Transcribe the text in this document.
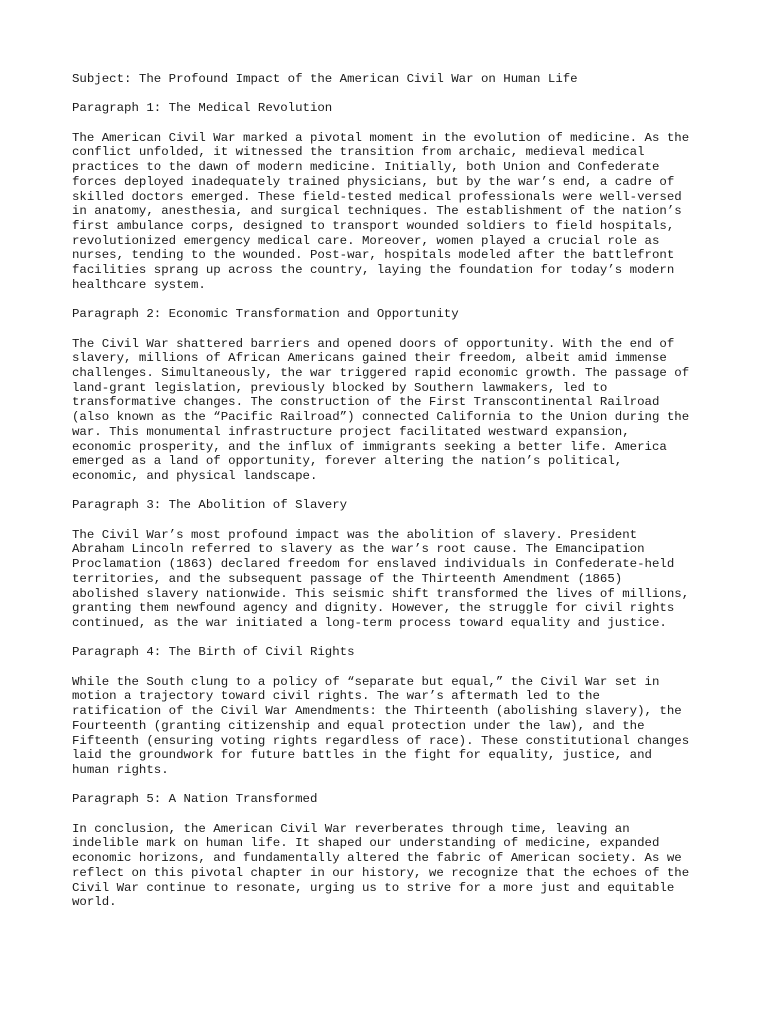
Subject: The Profound Impact of the American Civil War on Human Life

Paragraph 1: The Medical Revolution

The American Civil War marked a pivotal moment in the evolution of medicine. As the
conflict unfolded, it witnessed the transition from archaic, medieval medical
practices to the dawn of modern medicine. Initially, both Union and Confederate
forces deployed inadequately trained physicians, but by the war’s end, a cadre of
skilled doctors emerged. These field-tested medical professionals were well-versed
in anatomy, anesthesia, and surgical techniques. The establishment of the nation’s
first ambulance corps, designed to transport wounded soldiers to field hospitals,
revolutionized emergency medical care. Moreover, women played a crucial role as
nurses, tending to the wounded. Post-war, hospitals modeled after the battlefront
facilities sprang up across the country, laying the foundation for today’s modern
healthcare system.

Paragraph 2: Economic Transformation and Opportunity

The Civil War shattered barriers and opened doors of opportunity. With the end of
slavery, millions of African Americans gained their freedom, albeit amid immense
challenges. Simultaneously, the war triggered rapid economic growth. The passage of
land-grant legislation, previously blocked by Southern lawmakers, led to
transformative changes. The construction of the First Transcontinental Railroad
(also known as the “Pacific Railroad”) connected California to the Union during the
war. This monumental infrastructure project facilitated westward expansion,
economic prosperity, and the influx of immigrants seeking a better life. America
emerged as a land of opportunity, forever altering the nation’s political,
economic, and physical landscape.

Paragraph 3: The Abolition of Slavery

The Civil War’s most profound impact was the abolition of slavery. President
Abraham Lincoln referred to slavery as the war’s root cause. The Emancipation
Proclamation (1863) declared freedom for enslaved individuals in Confederate-held
territories, and the subsequent passage of the Thirteenth Amendment (1865)
abolished slavery nationwide. This seismic shift transformed the lives of millions,
granting them newfound agency and dignity. However, the struggle for civil rights
continued, as the war initiated a long-term process toward equality and justice.

Paragraph 4: The Birth of Civil Rights

While the South clung to a policy of “separate but equal,” the Civil War set in
motion a trajectory toward civil rights. The war’s aftermath led to the
ratification of the Civil War Amendments: the Thirteenth (abolishing slavery), the
Fourteenth (granting citizenship and equal protection under the law), and the
Fifteenth (ensuring voting rights regardless of race). These constitutional changes
laid the groundwork for future battles in the fight for equality, justice, and
human rights.

Paragraph 5: A Nation Transformed

In conclusion, the American Civil War reverberates through time, leaving an
indelible mark on human life. It shaped our understanding of medicine, expanded
economic horizons, and fundamentally altered the fabric of American society. As we
reflect on this pivotal chapter in our history, we recognize that the echoes of the
Civil War continue to resonate, urging us to strive for a more just and equitable
world.
